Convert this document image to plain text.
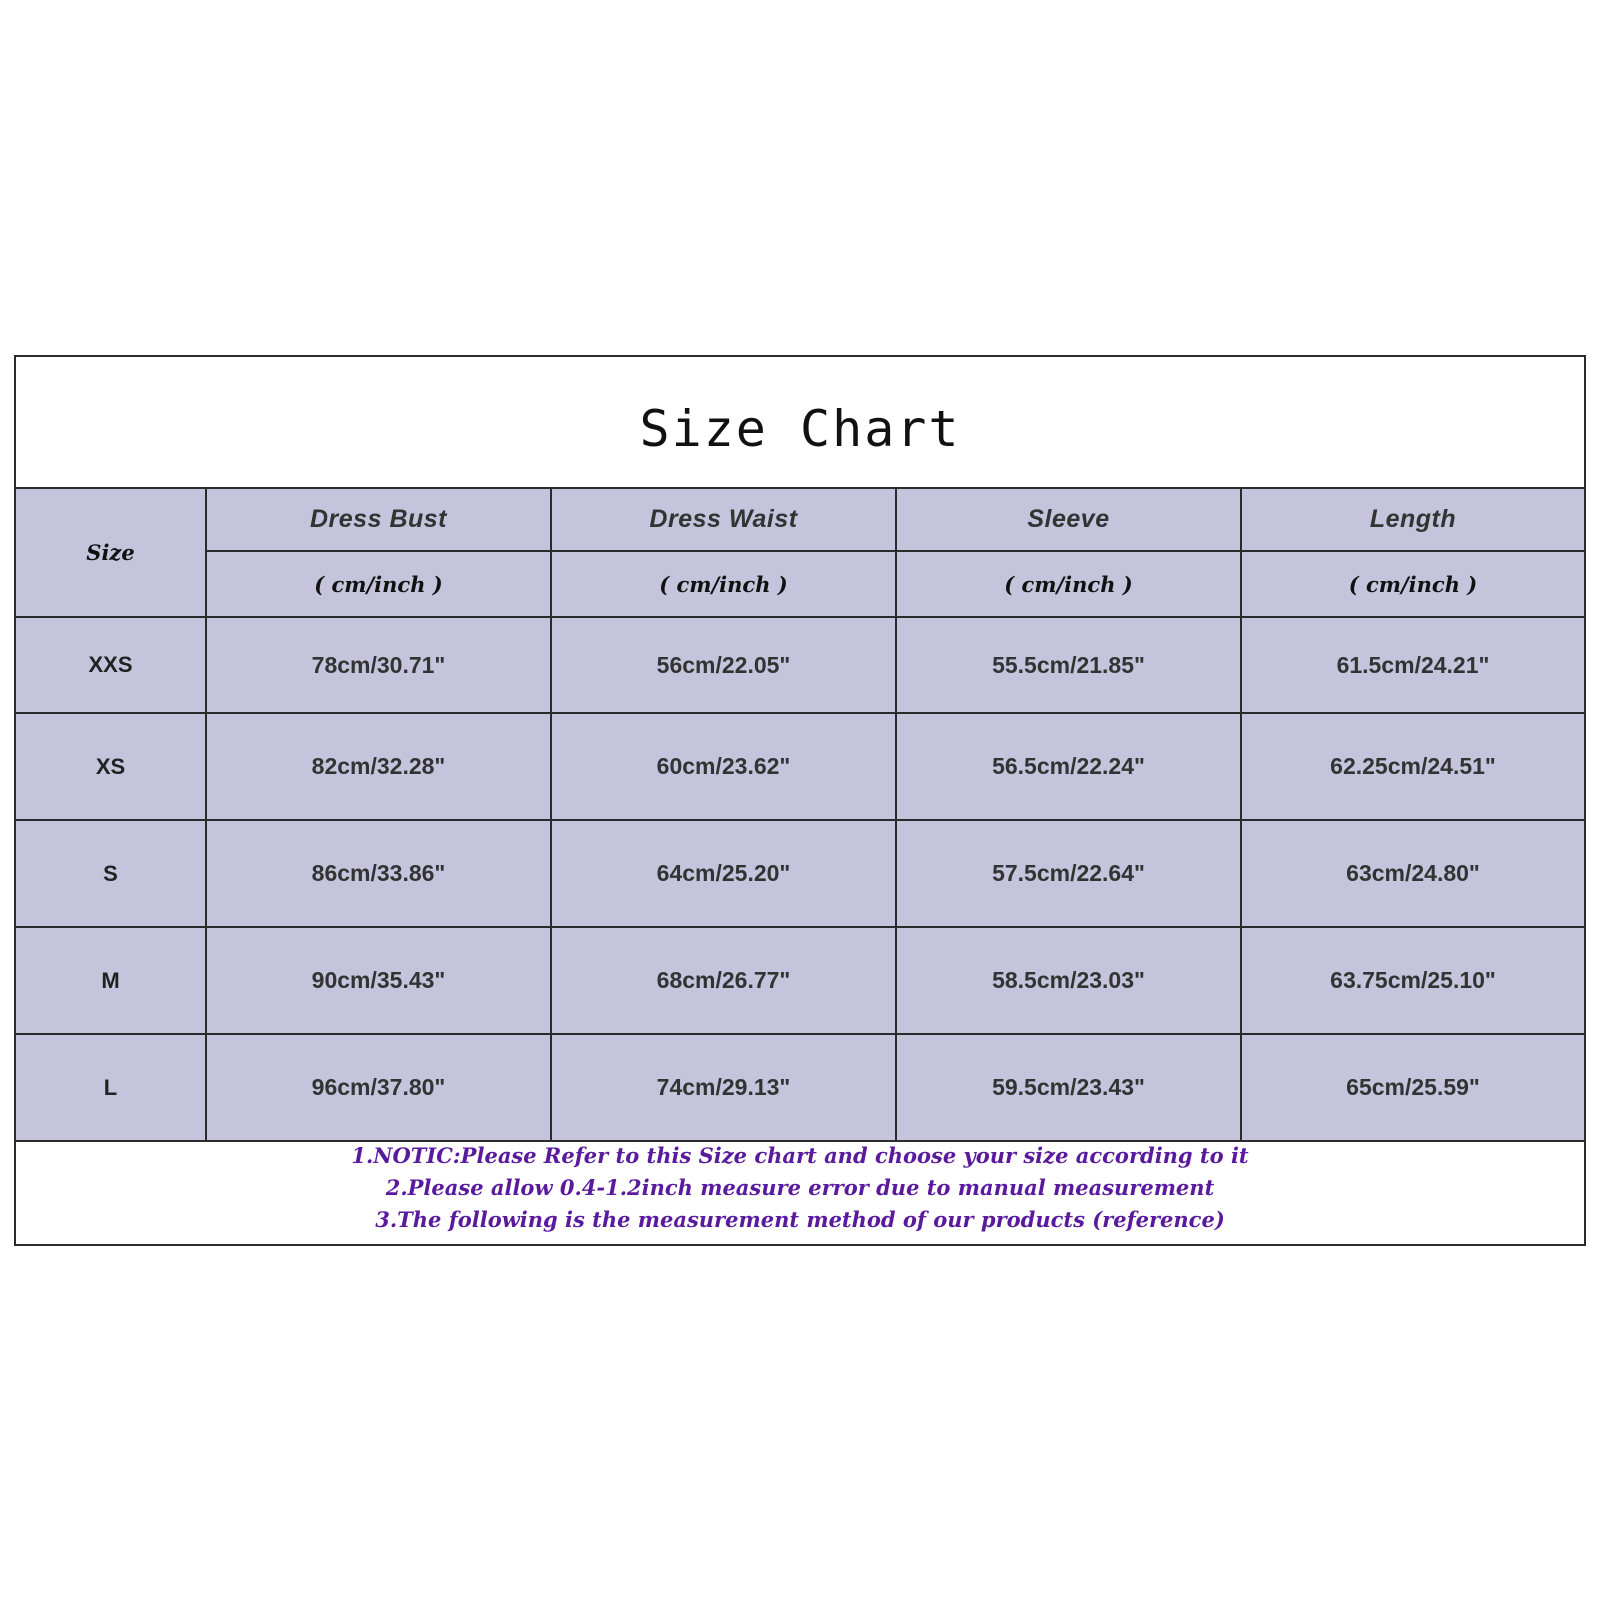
Size Chart
Size	Dress Bust	Dress Waist	Sleeve	Length
	( cm/inch )	( cm/inch )	( cm/inch )	( cm/inch )
XXS	78cm/30.71"	56cm/22.05"	55.5cm/21.85"	61.5cm/24.21"
XS	82cm/32.28"	60cm/23.62"	56.5cm/22.24"	62.25cm/24.51"
S	86cm/33.86"	64cm/25.20"	57.5cm/22.64"	63cm/24.80"
M	90cm/35.43"	68cm/26.77"	58.5cm/23.03"	63.75cm/25.10"
L	96cm/37.80"	74cm/29.13"	59.5cm/23.43"	65cm/25.59"
1.NOTIC:Please Refer to this Size chart and choose your size according to it
2.Please allow 0.4-1.2inch measure error due to manual measurement
3.The following is the measurement method of our products (reference)
